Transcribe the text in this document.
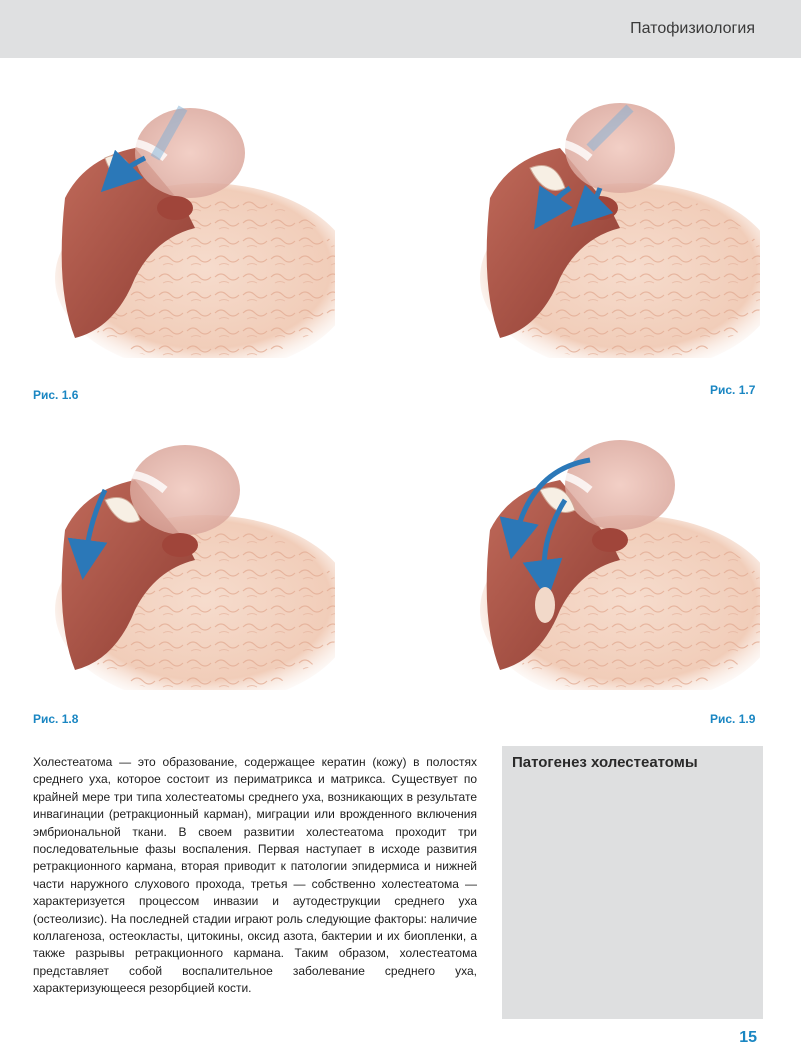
Патофизиология
Рис. 1.6	Рис. 1.7
Рис. 1.8	Рис. 1.9

Холестеатома — это образование, содержащее кератин (кожу) в полостях среднего уха, которое состоит из периматрикса и матрикса. Существует по крайней мере три типа холестеатомы среднего уха, возникающих в результате инвагинации (ретракционный карман), миграции или врожденного включения эмбриональной ткани. В своем развитии холестеатома проходит три последовательные фазы воспаления. Первая наступает в исходе развития ретракционного кармана, вторая приводит к патологии эпидермиса и нижней части наружного слухового прохода, третья — собственно холестеатома — характеризуется процессом инвазии и аутодеструкции среднего уха (остеолизис). На последней стадии играют роль следующие факторы: наличие коллагеноза, остеокласты, цитокины, оксид азота, бактерии и их биопленки, а также разрывы ретракционного кармана. Таким образом, холестеатома представляет собой воспалительное заболевание среднего уха, характеризующееся резорбцией кости.

Патогенез холестеатомы
15
